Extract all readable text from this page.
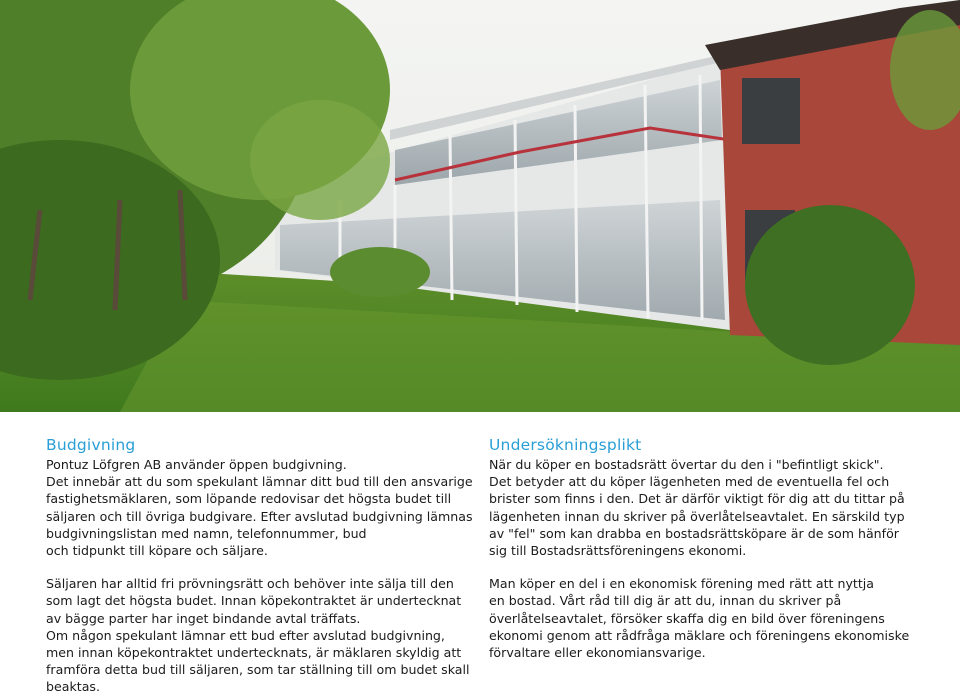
Budgivning

Pontuz Löfgren AB använder öppen budgivning.
Det innebär att du som spekulant lämnar ditt bud till den ansvarige
fastighetsmäklaren, som löpande redovisar det högsta budet till
säljaren och till övriga budgivare. Efter avslutad budgivning lämnas
budgivningslistan med namn, telefonnummer, bud
och tidpunkt till köpare och säljare.

Säljaren har alltid fri prövningsrätt och behöver inte sälja till den
som lagt det högsta budet. Innan köpekontraktet är undertecknat
av bägge parter har inget bindande avtal träffats.
Om någon spekulant lämnar ett bud efter avslutad budgivning,
men innan köpekontraktet undertecknats, är mäklaren skyldig att
framföra detta bud till säljaren, som tar ställning till om budet skall
beaktas.

Undersökningsplikt

När du köper en bostadsrätt övertar du den i "befintligt skick".
Det betyder att du köper lägenheten med de eventuella fel och
brister som finns i den. Det är därför viktigt för dig att du tittar på
lägenheten innan du skriver på överlåtelseavtalet. En särskild typ
av "fel" som kan drabba en bostadsrättsköpare är de som hänför
sig till Bostadsrättsföreningens ekonomi.

Man köper en del i en ekonomisk förening med rätt att nyttja
en bostad. Vårt råd till dig är att du, innan du skriver på
överlåtelseavtalet, försöker skaffa dig en bild över föreningens
ekonomi genom att rådfråga mäklare och föreningens ekonomiske
förvaltare eller ekonomiansvarige.
